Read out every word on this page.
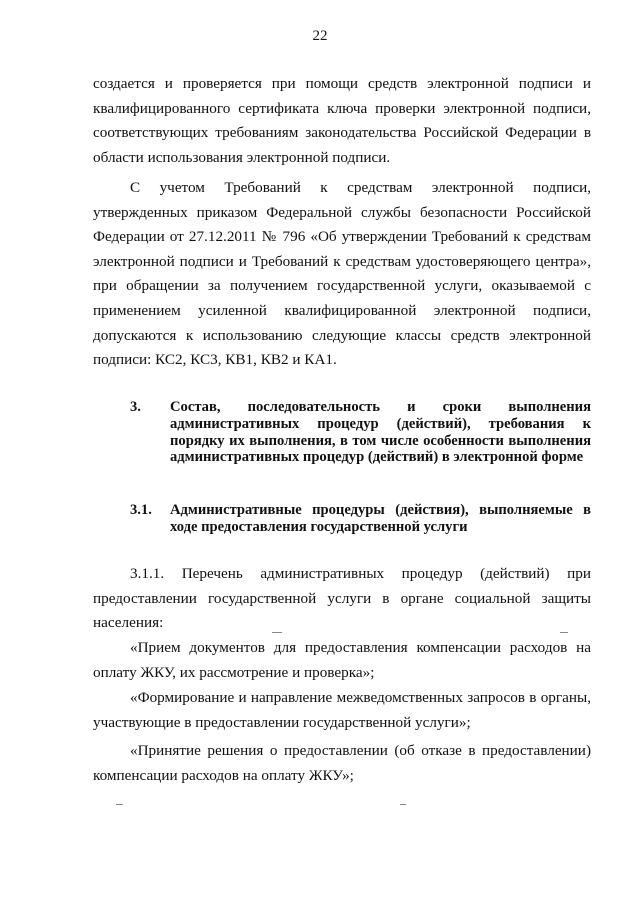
22

создается и проверяется при помощи средств электронной подписи и квалифицированного сертификата ключа проверки электронной подписи, соответствующих требованиям законодательства Российской Федерации в области использования электронной подписи.

С учетом Требований к средствам электронной подписи, утвержденных приказом Федеральной службы безопасности Российской Федерации от 27.12.2011 № 796 «Об утверждении Требований к средствам электронной подписи и Требований к средствам удостоверяющего центра», при обращении за получением государственной услуги, оказываемой с применением усиленной квалифицированной электронной подписи, допускаются к использованию следующие классы средств электронной подписи: КС2, КС3, КВ1, КВ2 и КА1.

3. Состав, последовательность и сроки выполнения административных процедур (действий), требования к порядку их выполнения, в том числе особенности выполнения административных процедур (действий) в электронной форме

3.1. Административные процедуры (действия), выполняемые в ходе предоставления государственной услуги

3.1.1. Перечень административных процедур (действий) при предоставлении государственной услуги в органе социальной защиты населения:

«Прием документов для предоставления компенсации расходов на оплату ЖКУ, их рассмотрение и проверка»;

«Формирование и направление межведомственных запросов в органы, участвующие в предоставлении государственной услуги»;

«Принятие решения о предоставлении (об отказе в предоставлении) компенсации расходов на оплату ЖКУ»;
